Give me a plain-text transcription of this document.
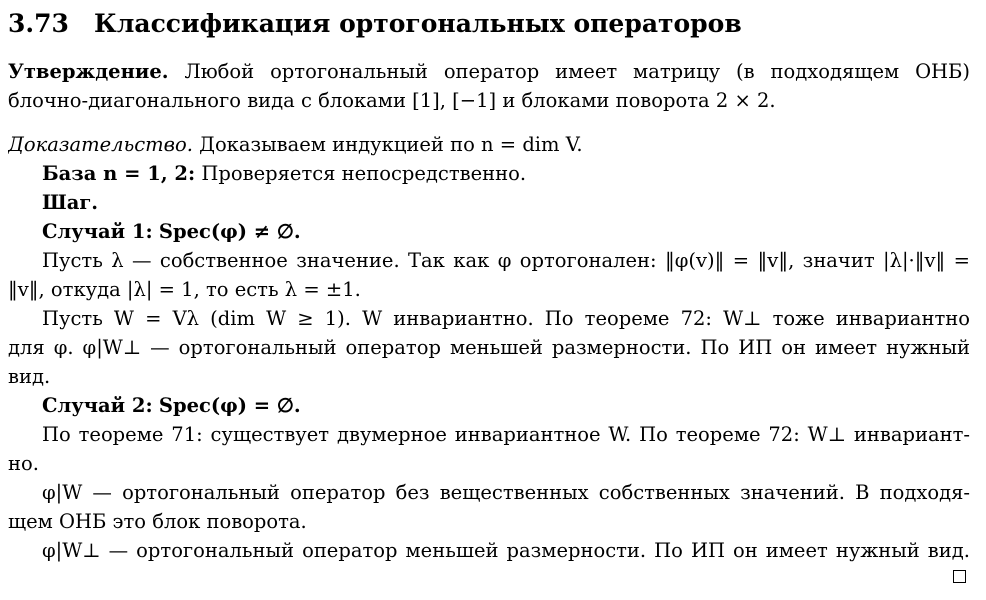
3.73 Классификация ортогональных операторов
Утверждение. Любой ортогональный оператор имеет матрицу (в подходящем ОНБ)
блочно-диагонального вида с блоками [1], [−1] и блоками поворота 2 × 2.
Доказательство. Доказываем индукцией по n = dim V.
База n = 1, 2: Проверяется непосредственно.
Шаг.
Случай 1: Spec(φ) ≠ ∅.
Пусть λ — собственное значение. Так как φ ортогонален: ‖φ(v)‖ = ‖v‖, значит |λ|·‖v‖ =
‖v‖, откуда |λ| = 1, то есть λ = ±1.
Пусть W = Vλ (dim W ≥ 1). W инвариантно. По теореме 72: W⊥ тоже инвариантно
для φ. φ|W⊥ — ортогональный оператор меньшей размерности. По ИП он имеет нужный
вид.
Случай 2: Spec(φ) = ∅.
По теореме 71: существует двумерное инвариантное W. По теореме 72: W⊥ инвариант-
но.
φ|W — ортогональный оператор без вещественных собственных значений. В подходя-
щем ОНБ это блок поворота.
φ|W⊥ — ортогональный оператор меньшей размерности. По ИП он имеет нужный вид.
